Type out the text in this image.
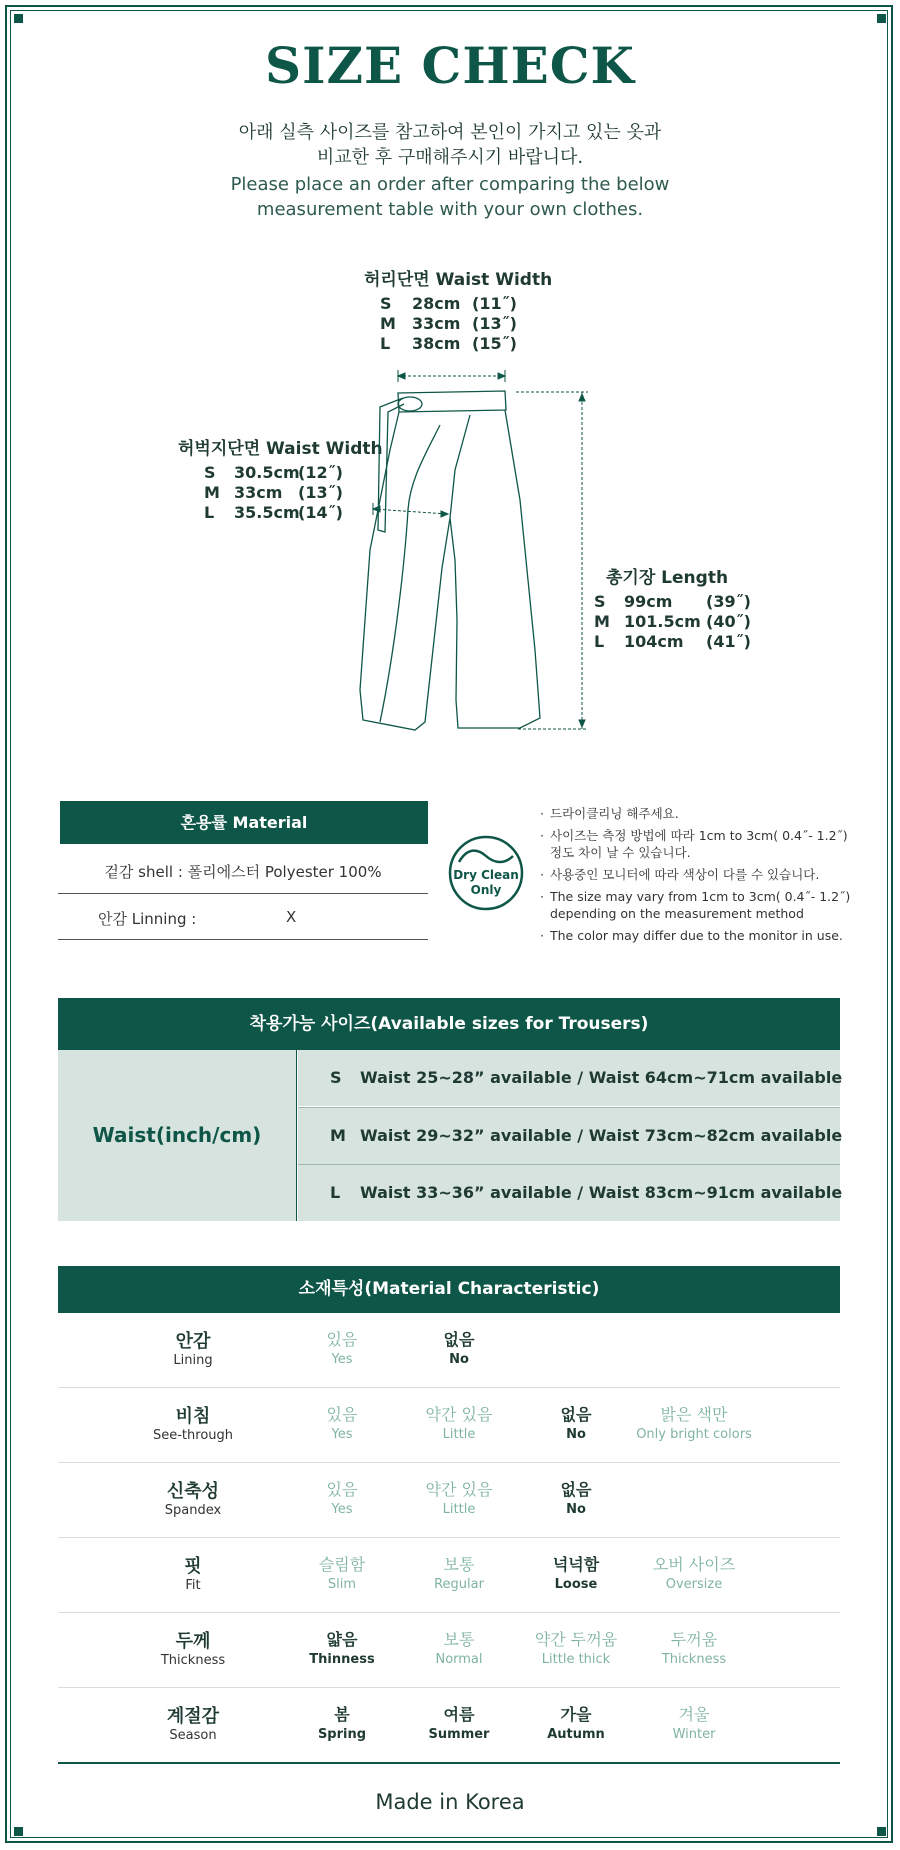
SIZE CHECK
아래 실측 사이즈를 참고하여 본인이 가지고 있는 옷과
비교한 후 구매해주시기 바랍니다.
Please place an order after comparing the below
measurement table with your own clothes.
허리단면 Waist Width
S 28cm (11˝)
M 33cm (13˝)
L 38cm (15˝)
허벅지단면 Waist Width
S 30.5cm(12˝)
M 33cm (13˝)
L 35.5cm(14˝)
총기장 Length
S 99cm (39˝)
M 101.5cm (40˝)
L 104cm (41˝)
혼용률 Material
겉감 shell : 폴리에스터 Polyester 100%
안감 Linning :	X
Dry Clean
Only
· 드라이클리닝 해주세요.
· 사이즈는 측정 방법에 따라 1cm to 3cm( 0.4˝- 1.2˝)
정도 차이 날 수 있습니다.
· 사용중인 모니터에 따라 색상이 다를 수 있습니다.
· The size may vary from 1cm to 3cm( 0.4˝- 1.2˝)
depending on the measurement method
· The color may differ due to the monitor in use.
착용가능 사이즈(Available sizes for Trousers)
Waist(inch/cm)
S Waist 25~28” available / Waist 64cm~71cm available
M Waist 29~32” available / Waist 73cm~82cm available
L Waist 33~36” available / Waist 83cm~91cm available
소재특성(Material Characteristic)
안감
Lining
있음
Yes
없음
No
비침
See-through
있음
Yes
약간 있음
Little
없음
No
밝은 색만
Only bright colors
신축성
Spandex
있음
Yes
약간 있음
Little
없음
No
핏
Fit
슬림함
Slim
보통
Regular
넉넉함
Loose
오버 사이즈
Oversize
두께
Thickness
얇음
Thinness
보통
Normal
약간 두꺼움
Little thick
두꺼움
Thickness
계절감
Season
봄
Spring
여름
Summer
가을
Autumn
겨울
Winter
Made in Korea
